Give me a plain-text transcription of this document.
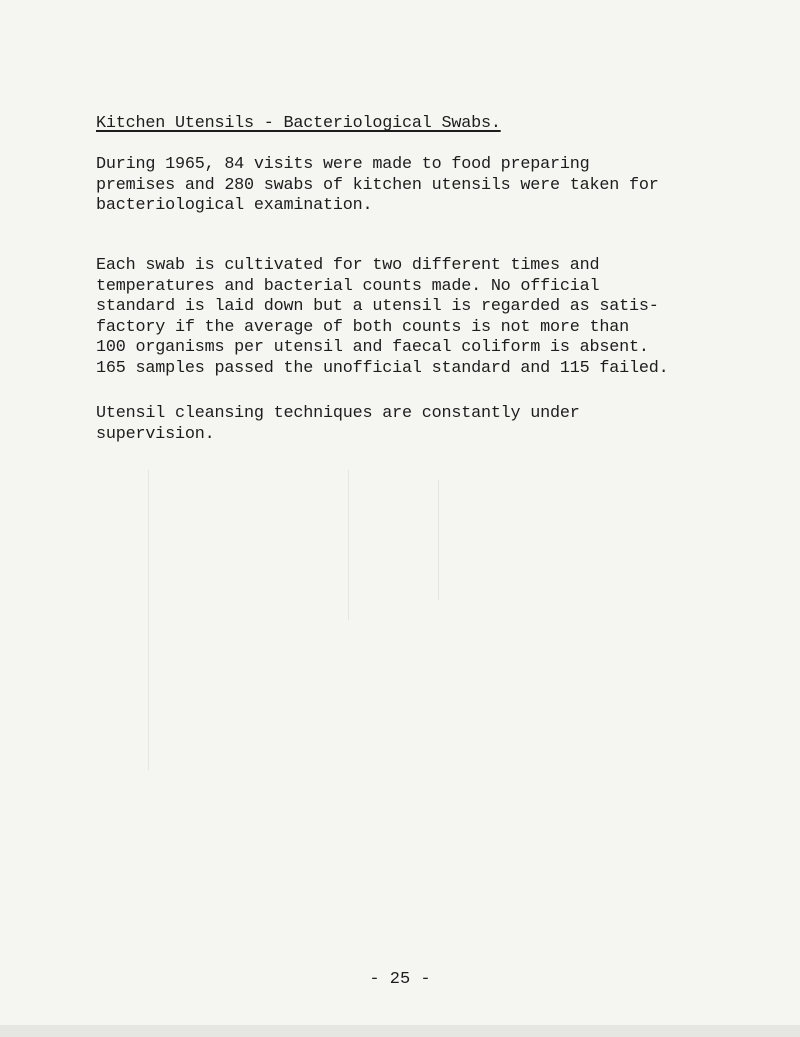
Kitchen Utensils - Bacteriological Swabs.
During 1965, 84 visits were made to food preparing
premises and 280 swabs of kitchen utensils were taken for
bacteriological examination.
Each swab is cultivated for two different times and
temperatures and bacterial counts made. No official
standard is laid down but a utensil is regarded as satis-
factory if the average of both counts is not more than
100 organisms per utensil and faecal coliform is absent.
165 samples passed the unofficial standard and 115 failed.
Utensil cleansing techniques are constantly under
supervision.
- 25 -
